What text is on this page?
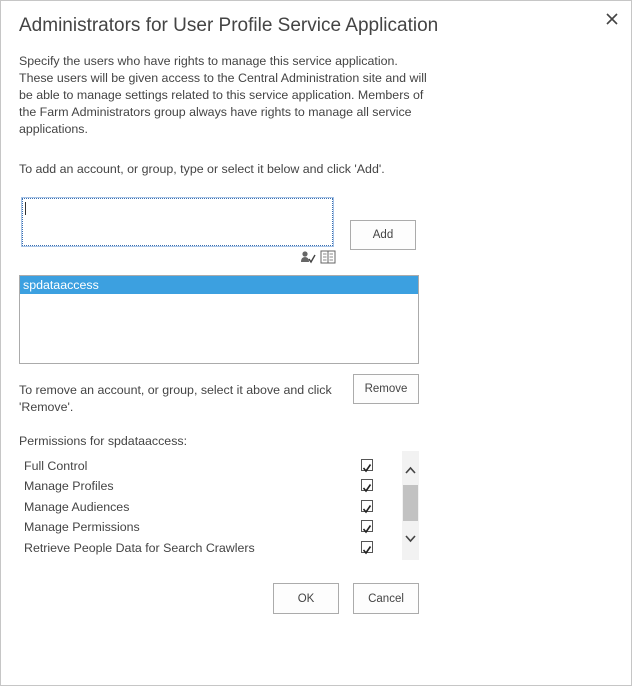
Administrators for User Profile Service Application
Specify the users who have rights to manage this service application. These users will be given access to the Central Administration site and will be able to manage settings related to this service application. Members of the Farm Administrators group always have rights to manage all service applications.
To add an account, or group, type or select it below and click 'Add'.
Add
spdataaccess
To remove an account, or group, select it above and click 'Remove'.
Remove
Permissions for spdataaccess:
Full Control
Manage Profiles
Manage Audiences
Manage Permissions
Retrieve People Data for Search Crawlers
OK	Cancel
